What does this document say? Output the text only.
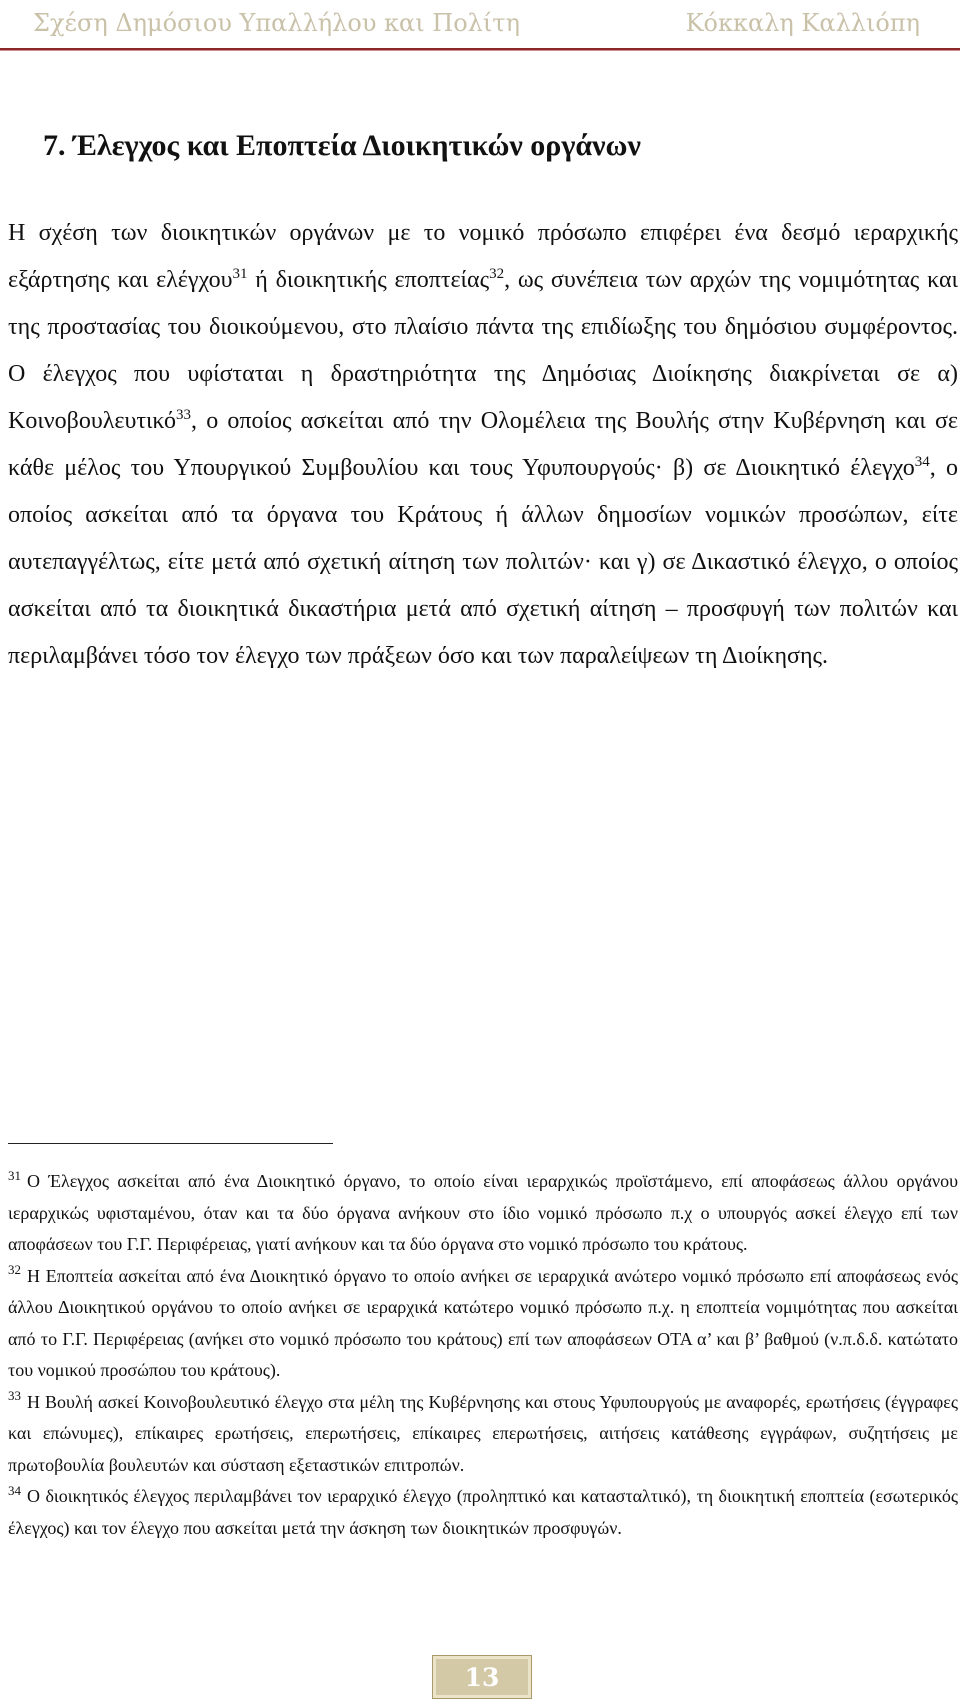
Σχέση Δημόσιου Υπαλλήλου και Πολίτη	Κόκκαλη Καλλιόπη
7. Έλεγχος και Εποπτεία Διοικητικών οργάνων

Η σχέση των διοικητικών οργάνων με το νομικό πρόσωπο επιφέρει ένα δεσμό ιεραρχικής εξάρτησης και ελέγχου$^{31}$ ή διοικητικής εποπτείας$^{32}$, ως συνέπεια των αρχών της νομιμότητας και της προστασίας του διοικούμενου, στο πλαίσιο πάντα της επιδίωξης του δημόσιου συμφέροντος. Ο έλεγχος που υφίσταται η δραστηριότητα της Δημόσιας Διοίκησης διακρίνεται σε α) Κοινοβουλευτικό$^{33}$, ο οποίος ασκείται από την Ολομέλεια της Βουλής στην Κυβέρνηση και σε κάθε μέλος του Υπουργικού Συμβουλίου και τους Υφυπουργούς· β) σε Διοικητικό έλεγχο$^{34}$, ο οποίος ασκείται από τα όργανα του Κράτους ή άλλων δημοσίων νομικών προσώπων, είτε αυτεπαγγέλτως, είτε μετά από σχετική αίτηση των πολιτών· και γ) σε Δικαστικό έλεγχο, ο οποίος ασκείται από τα διοικητικά δικαστήρια μετά από σχετική αίτηση – προσφυγή των πολιτών και περιλαμβάνει τόσο τον έλεγχο των πράξεων όσο και των παραλείψεων τη Διοίκησης.

$^{31}$ Ο Έλεγχος ασκείται από ένα Διοικητικό όργανο, το οποίο είναι ιεραρχικώς προϊστάμενο, επί αποφάσεως άλλου οργάνου ιεραρχικώς υφισταμένου, όταν και τα δύο όργανα ανήκουν στο ίδιο νομικό πρόσωπο π.χ ο υπουργός ασκεί έλεγχο επί των αποφάσεων του Γ.Γ. Περιφέρειας, γιατί ανήκουν και τα δύο όργανα στο νομικό πρόσωπο του κράτους.

$^{32}$ Η Εποπτεία ασκείται από ένα Διοικητικό όργανο το οποίο ανήκει σε ιεραρχικά ανώτερο νομικό πρόσωπο επί αποφάσεως ενός άλλου Διοικητικού οργάνου το οποίο ανήκει σε ιεραρχικά κατώτερο νομικό πρόσωπο π.χ. η εποπτεία νομιμότητας που ασκείται από το Γ.Γ. Περιφέρειας (ανήκει στο νομικό πρόσωπο του κράτους) επί των αποφάσεων ΟΤΑ α’ και β’ βαθμού (ν.π.δ.δ. κατώτατο του νομικού προσώπου του κράτους).

$^{33}$ Η Βουλή ασκεί Κοινοβουλευτικό έλεγχο στα μέλη της Κυβέρνησης και στους Υφυπουργούς με αναφορές, ερωτήσεις (έγγραφες και επώνυμες), επίκαιρες ερωτήσεις, επερωτήσεις, επίκαιρες επερωτήσεις, αιτήσεις κατάθεσης εγγράφων, συζητήσεις με πρωτοβουλία βουλευτών και σύσταση εξεταστικών επιτροπών.

$^{34}$ Ο διοικητικός έλεγχος περιλαμβάνει τον ιεραρχικό έλεγχο (προληπτικό και κατασταλτικό), τη διοικητική εποπτεία (εσωτερικός έλεγχος) και τον έλεγχο που ασκείται μετά την άσκηση των διοικητικών προσφυγών.

13
